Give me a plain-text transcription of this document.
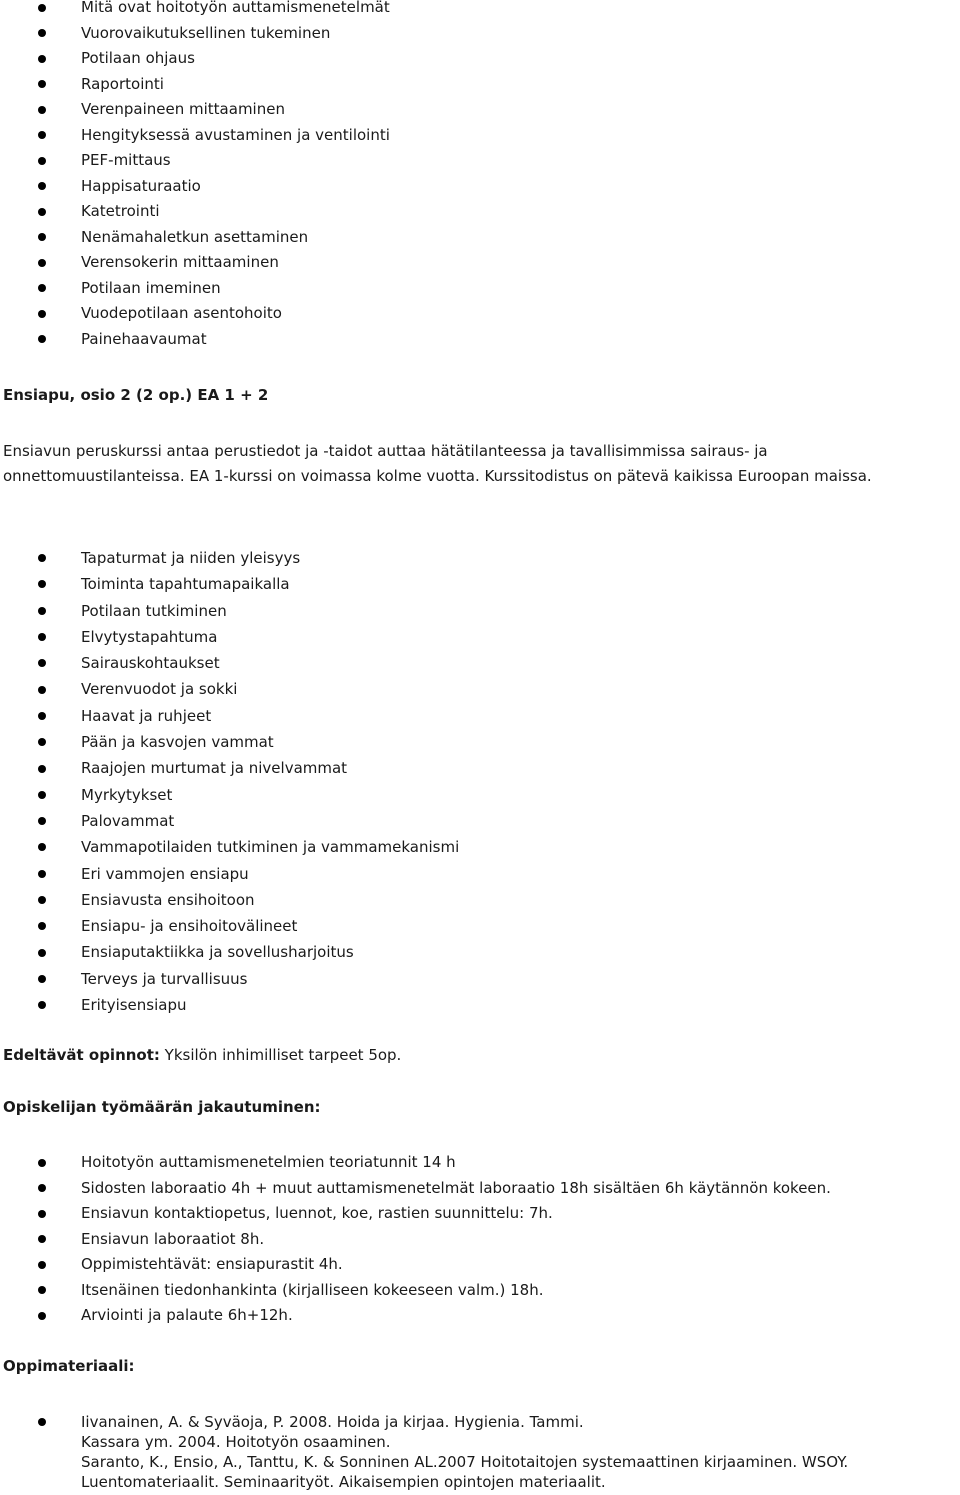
Mitä ovat hoitotyön auttamismenetelmät
Vuorovaikutuksellinen tukeminen
Potilaan ohjaus
Raportointi
Verenpaineen mittaaminen
Hengityksessä avustaminen ja ventilointi
PEF-mittaus
Happisaturaatio
Katetrointi
Nenämahaletkun asettaminen
Verensokerin mittaaminen
Potilaan imeminen
Vuodepotilaan asentohoito
Painehaavaumat
Ensiapu, osio 2 (2 op.) EA 1 + 2

Ensiavun peruskurssi antaa perustiedot ja -taidot auttaa hätätilanteessa ja tavallisimmissa sairaus- ja

onnettomuustilanteissa. EA 1-kurssi on voimassa kolme vuotta. Kurssitodistus on pätevä kaikissa Euroopan maissa.

Tapaturmat ja niiden yleisyys
Toiminta tapahtumapaikalla
Potilaan tutkiminen
Elvytystapahtuma
Sairauskohtaukset
Verenvuodot ja sokki
Haavat ja ruhjeet
Pään ja kasvojen vammat
Raajojen murtumat ja nivelvammat
Myrkytykset
Palovammat
Vammapotilaiden tutkiminen ja vammamekanismi
Eri vammojen ensiapu
Ensiavusta ensihoitoon
Ensiapu- ja ensihoitovälineet
Ensiaputaktiikka ja sovellusharjoitus
Terveys ja turvallisuus
Erityisensiapu
Edeltävät opinnot: Yksilön inhimilliset tarpeet 5op.
Opiskelijan työmäärän jakautuminen:
Hoitotyön auttamismenetelmien teoriatunnit 14 h
Sidosten laboraatio 4h + muut auttamismenetelmät laboraatio 18h sisältäen 6h käytännön kokeen.
Ensiavun kontaktiopetus, luennot, koe, rastien suunnittelu: 7h.
Ensiavun laboraatiot 8h.
Oppimistehtävät: ensiapurastit 4h.
Itsenäinen tiedonhankinta (kirjalliseen kokeeseen valm.) 18h.
Arviointi ja palaute 6h+12h.
Oppimateriaali:
Iivanainen, A. & Syväoja, P. 2008. Hoida ja kirjaa. Hygienia. Tammi.
Kassara ym. 2004. Hoitotyön osaaminen.
Saranto, K., Ensio, A., Tanttu, K. & Sonninen AL.2007 Hoitotaitojen systemaattinen kirjaaminen. WSOY.
Luentomateriaalit. Seminaarityöt. Aikaisempien opintojen materiaalit.
